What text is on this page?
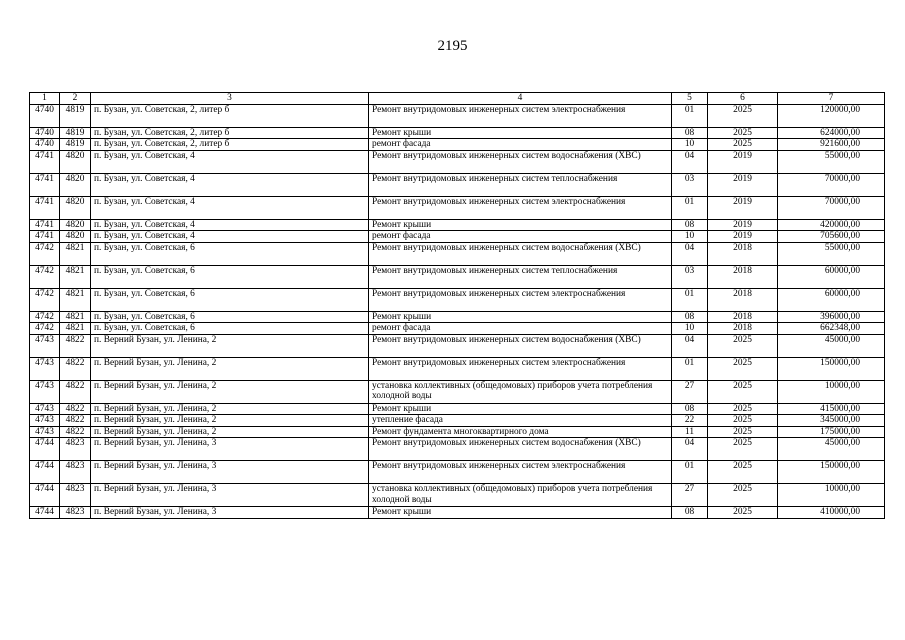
2195
1	2	3	4	5	6	7
4740	4819	п. Бузан, ул. Советская, 2, литер б	Ремонт внутридомовых инженерных систем электроснабжения	01	2025	120000,00
4740	4819	п. Бузан, ул. Советская, 2, литер б	Ремонт крыши	08	2025	624000,00
4740	4819	п. Бузан, ул. Советская, 2, литер б	ремонт фасада	10	2025	921600,00
4741	4820	п. Бузан, ул. Советская, 4	Ремонт внутридомовых инженерных систем водоснабжения (ХВС)	04	2019	55000,00
4741	4820	п. Бузан, ул. Советская, 4	Ремонт внутридомовых инженерных систем теплоснабжения	03	2019	70000,00
4741	4820	п. Бузан, ул. Советская, 4	Ремонт внутридомовых инженерных систем электроснабжения	01	2019	70000,00
4741	4820	п. Бузан, ул. Советская, 4	Ремонт крыши	08	2019	420000,00
4741	4820	п. Бузан, ул. Советская, 4	ремонт фасада	10	2019	705600,00
4742	4821	п. Бузан, ул. Советская, 6	Ремонт внутридомовых инженерных систем водоснабжения (ХВС)	04	2018	55000,00
4742	4821	п. Бузан, ул. Советская, 6	Ремонт внутридомовых инженерных систем теплоснабжения	03	2018	60000,00
4742	4821	п. Бузан, ул. Советская, 6	Ремонт внутридомовых инженерных систем электроснабжения	01	2018	60000,00
4742	4821	п. Бузан, ул. Советская, 6	Ремонт крыши	08	2018	396000,00
4742	4821	п. Бузан, ул. Советская, 6	ремонт фасада	10	2018	662348,00
4743	4822	п. Верний Бузан, ул. Ленина, 2	Ремонт внутридомовых инженерных систем водоснабжения (ХВС)	04	2025	45000,00
4743	4822	п. Верний Бузан, ул. Ленина, 2	Ремонт внутридомовых инженерных систем электроснабжения	01	2025	150000,00
4743	4822	п. Верний Бузан, ул. Ленина, 2	установка коллективных (общедомовых) приборов учета потребления холодной воды	27	2025	10000,00
4743	4822	п. Верний Бузан, ул. Ленина, 2	Ремонт крыши	08	2025	415000,00
4743	4822	п. Верний Бузан, ул. Ленина, 2	утепление фасада	22	2025	345000,00
4743	4822	п. Верний Бузан, ул. Ленина, 2	Ремонт фундамента многоквартирного дома	11	2025	175000,00
4744	4823	п. Верний Бузан, ул. Ленина, 3	Ремонт внутридомовых инженерных систем водоснабжения (ХВС)	04	2025	45000,00
4744	4823	п. Верний Бузан, ул. Ленина, 3	Ремонт внутридомовых инженерных систем электроснабжения	01	2025	150000,00
4744	4823	п. Верний Бузан, ул. Ленина, 3	установка коллективных (общедомовых) приборов учета потребления холодной воды	27	2025	10000,00
4744	4823	п. Верний Бузан, ул. Ленина, 3	Ремонт крыши	08	2025	410000,00
